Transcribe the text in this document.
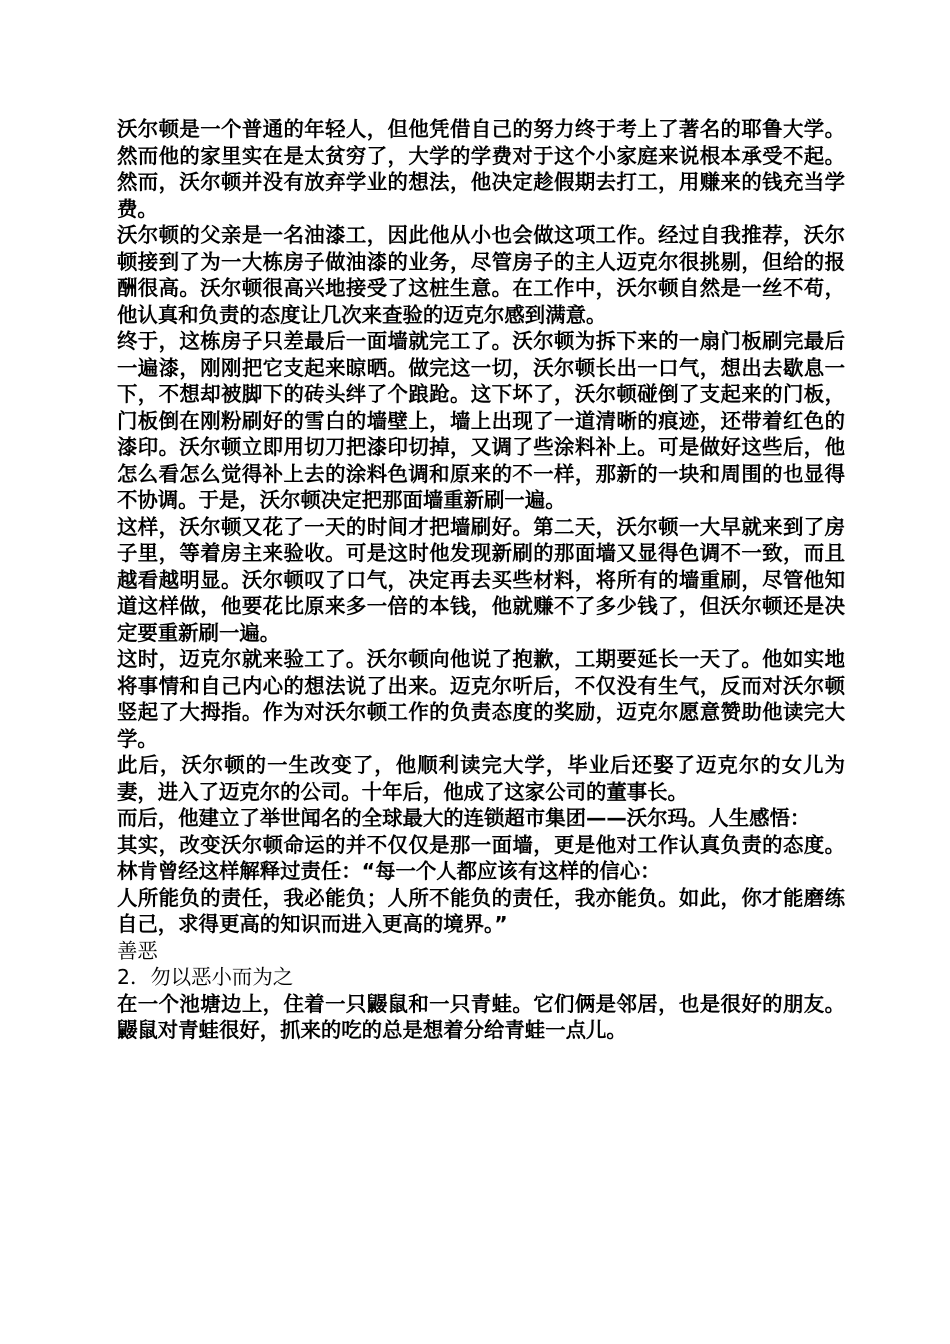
沃尔顿是一个普通的年轻人，但他凭借自己的努力终于考上了著名的耶鲁大学。然而他的家里实在是太贫穷了，大学的学费对于这个小家庭来说根本承受不起。然而，沃尔顿并没有放弃学业的想法，他决定趁假期去打工，用赚来的钱充当学费。

沃尔顿的父亲是一名油漆工，因此他从小也会做这项工作。经过自我推荐，沃尔顿接到了为一大栋房子做油漆的业务，尽管房子的主人迈克尔很挑剔，但给的报酬很高。沃尔顿很高兴地接受了这桩生意。在工作中，沃尔顿自然是一丝不苟，他认真和负责的态度让几次来查验的迈克尔感到满意。

终于，这栋房子只差最后一面墙就完工了。沃尔顿为拆下来的一扇门板刷完最后一遍漆，刚刚把它支起来晾晒。做完这一切，沃尔顿长出一口气，想出去歇息一下，不想却被脚下的砖头绊了个踉跄。这下坏了，沃尔顿碰倒了支起来的门板，门板倒在刚粉刷好的雪白的墙壁上，墙上出现了一道清晰的痕迹，还带着红色的漆印。沃尔顿立即用切刀把漆印切掉，又调了些涂料补上。可是做好这些后，他怎么看怎么觉得补上去的涂料色调和原来的不一样，那新的一块和周围的也显得不协调。于是，沃尔顿决定把那面墙重新刷一遍。

这样，沃尔顿又花了一天的时间才把墙刷好。第二天，沃尔顿一大早就来到了房子里，等着房主来验收。可是这时他发现新刷的那面墙又显得色调不一致，而且越看越明显。沃尔顿叹了口气，决定再去买些材料，将所有的墙重刷，尽管他知道这样做，他要花比原来多一倍的本钱，他就赚不了多少钱了，但沃尔顿还是决定要重新刷一遍。

这时，迈克尔就来验工了。沃尔顿向他说了抱歉，工期要延长一天了。他如实地将事情和自己内心的想法说了出来。迈克尔听后，不仅没有生气，反而对沃尔顿竖起了大拇指。作为对沃尔顿工作的负责态度的奖励，迈克尔愿意赞助他读完大学。

此后，沃尔顿的一生改变了，他顺利读完大学，毕业后还娶了迈克尔的女儿为妻，进入了迈克尔的公司。十年后，他成了这家公司的董事长。

而后，他建立了举世闻名的全球最大的连锁超市集团——沃尔玛。人生感悟：

其实，改变沃尔顿命运的并不仅仅是那一面墙，更是他对工作认真负责的态度。林肯曾经这样解释过责任：“每一个人都应该有这样的信心：

人所能负的责任，我必能负；人所不能负的责任，我亦能负。如此，你才能磨练自己，求得更高的知识而进入更高的境界。”

善恶

2．勿以恶小而为之

在一个池塘边上，住着一只鼹鼠和一只青蛙。它们俩是邻居，也是很好的朋友。鼹鼠对青蛙很好，抓来的吃的总是想着分给青蛙一点儿。
